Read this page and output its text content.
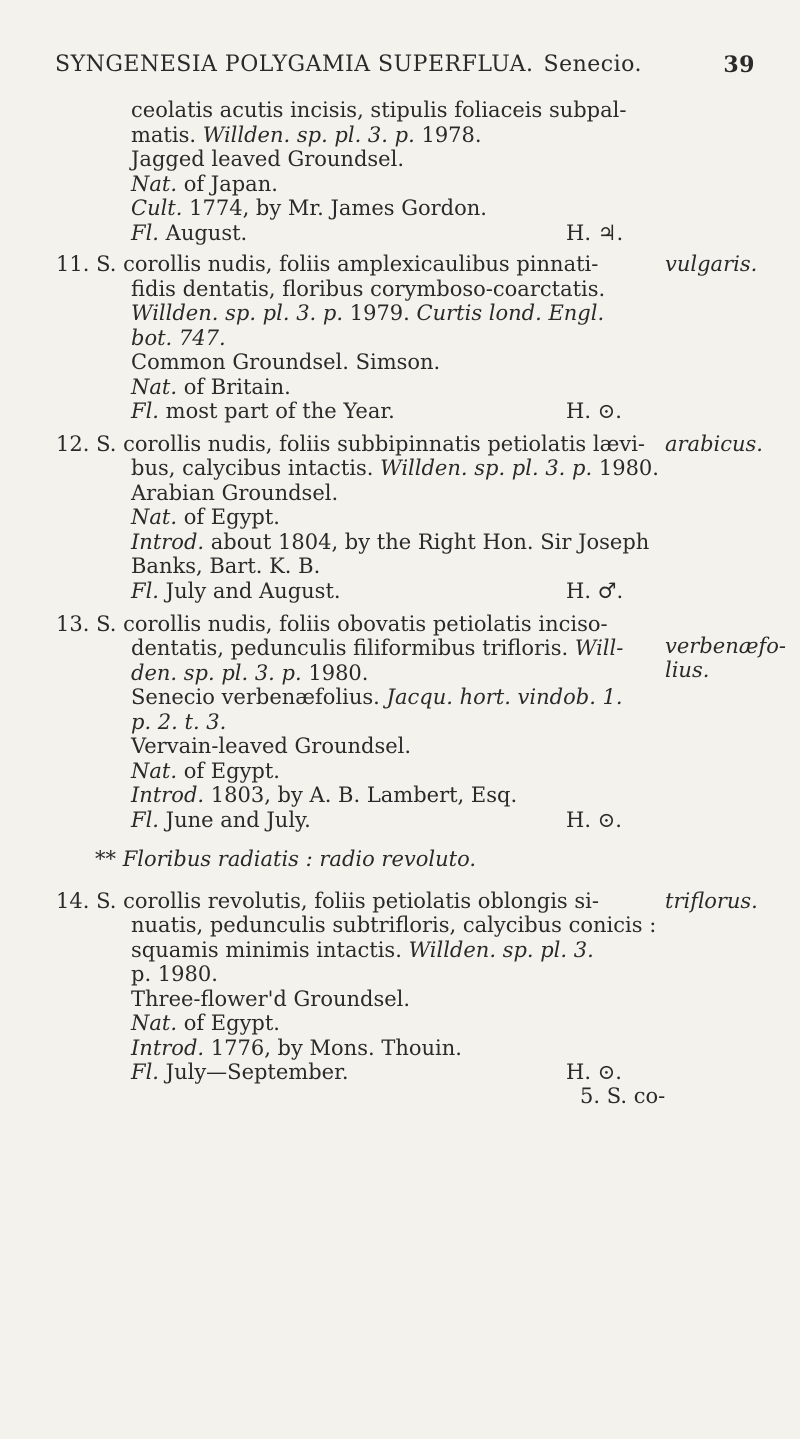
SYNGENESIA POLYGAMIA SUPERFLUA. Senecio.	39
ceolatis acutis incisis, stipulis foliaceis subpal-
matis. Willden. sp. pl. 3. p. 1978.
Jagged leaved Groundsel.
Nat. of Japan.
Cult. 1774, by Mr. James Gordon.
Fl. August.	H. ♃.
11. S. corollis nudis, foliis amplexicaulibus pinnati-	vulgaris.
fidis dentatis, floribus corymboso-coarctatis.
Willden. sp. pl. 3. p. 1979. Curtis lond. Engl.
bot. 747.
Common Groundsel. Simson.
Nat. of Britain.
Fl. most part of the Year.	H. ⊙.
12. S. corollis nudis, foliis subbipinnatis petiolatis lævi- arabicus.
bus, calycibus intactis. Willden. sp. pl. 3. p. 1980.
Arabian Groundsel.
Nat. of Egypt.
Introd. about 1804, by the Right Hon. Sir Joseph
Banks, Bart. K. B.
Fl. July and August.	H. ♂.
13. S. corollis nudis, foliis obovatis petiolatis inciso-
dentatis, pedunculis filiformibus trifloris. Will- verbenæfo-
lius.
den. sp. pl. 3. p. 1980.
Senecio verbenæfolius. Jacqu. hort. vindob. 1.
p. 2. t. 3.
Vervain-leaved Groundsel.
Nat. of Egypt.
Introd. 1803, by A. B. Lambert, Esq.
Fl. June and July.	H. ⊙.
** Floribus radiatis : radio revoluto.
14. S. corollis revolutis, foliis petiolatis oblongis si-	triflorus.
nuatis, pedunculis subtrifloris, calycibus conicis :
squamis minimis intactis. Willden. sp. pl. 3.
p. 1980.
Three-flower'd Groundsel.
Nat. of Egypt.
Introd. 1776, by Mons. Thouin.
Fl. July—September.	H. ⊙.
5. S. co-
